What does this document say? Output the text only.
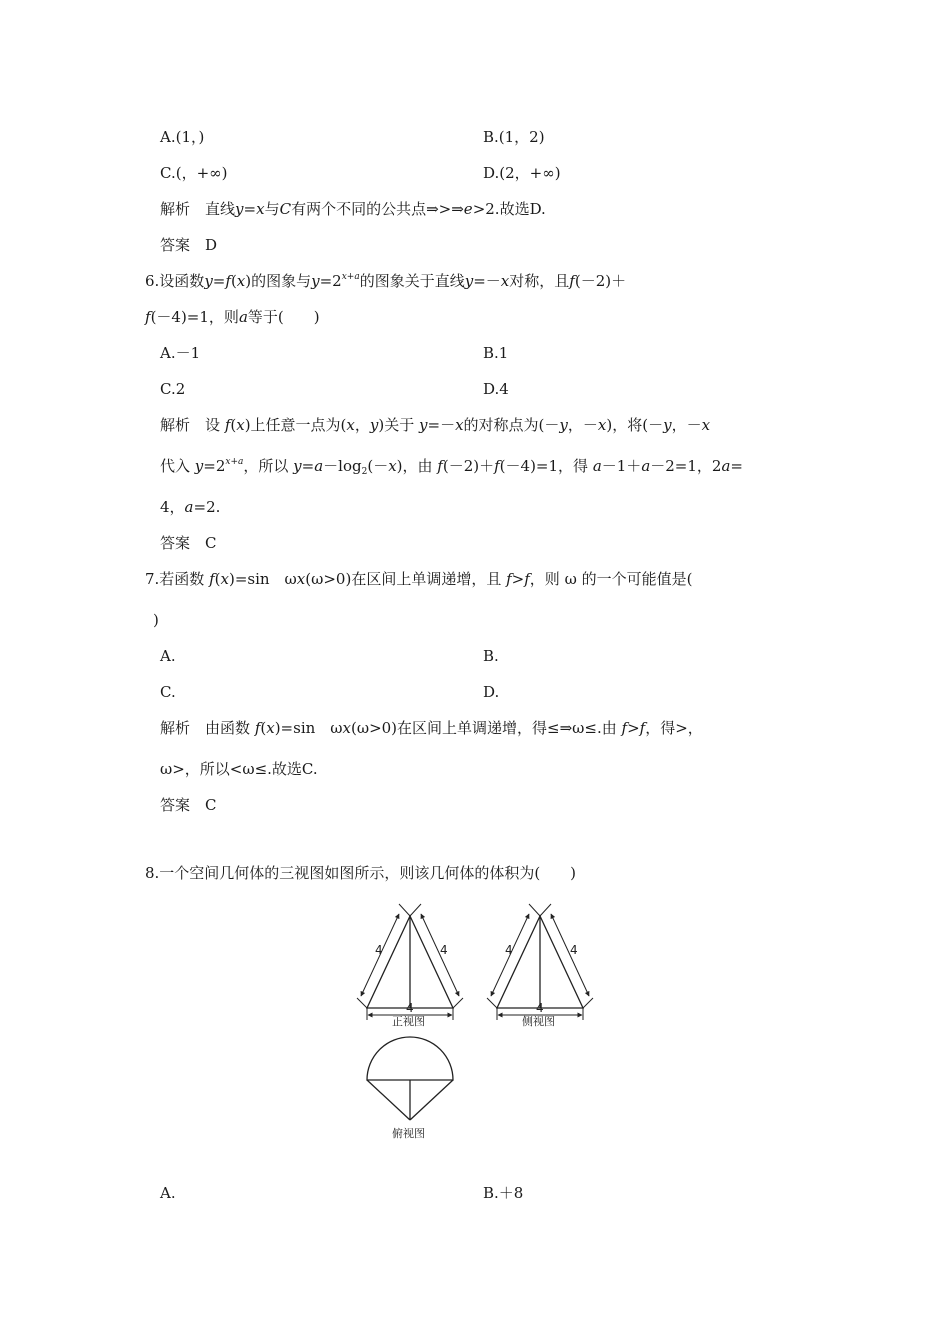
A.(1，)	B.(1，2)
C.(，+∞)	D.(2，+∞)
解析　 直线y=x与C有两个不同的公共点⇒>⇒e>2.故选D.
答案　 D
6.设函数y=f(x)的图象与$y=2^{x+a}$的图象关于直线y=－x对称，且f(－2)＋
f(－4)=1，则a等于(　　)
A.－1	B.1
C.2	D.4
解析　 设 f(x)上任意一点为(x，y)关于 y=－x的对称点为(－y，－x)，将(－y，－x
代入 $y=2^{x+a}$，所以 $y=a-\log_2(-x)$，由 f(－2)＋f(－4)=1，得 a－1＋a－2=1，2a=
4，a=2.
答案　 C
7.若函数 f(x)=sin　ωx(ω>0)在区间上单调递增，且 f>f，则 ω 的一个可能值是(
)
A.	B.
C.	D.
解析　 由函数 f(x)=sin　ωx(ω>0)在区间上单调递增，得≤⇒ω≤.由 f>f，得>，
ω>，所以<ω≤.故选C.
答案　 C
8.一个空间几何体的三视图如图所示，则该几何体的体积为(　　)
4	4
4
4	4
4
正视图	侧视图
俯视图
A.	B.＋8
